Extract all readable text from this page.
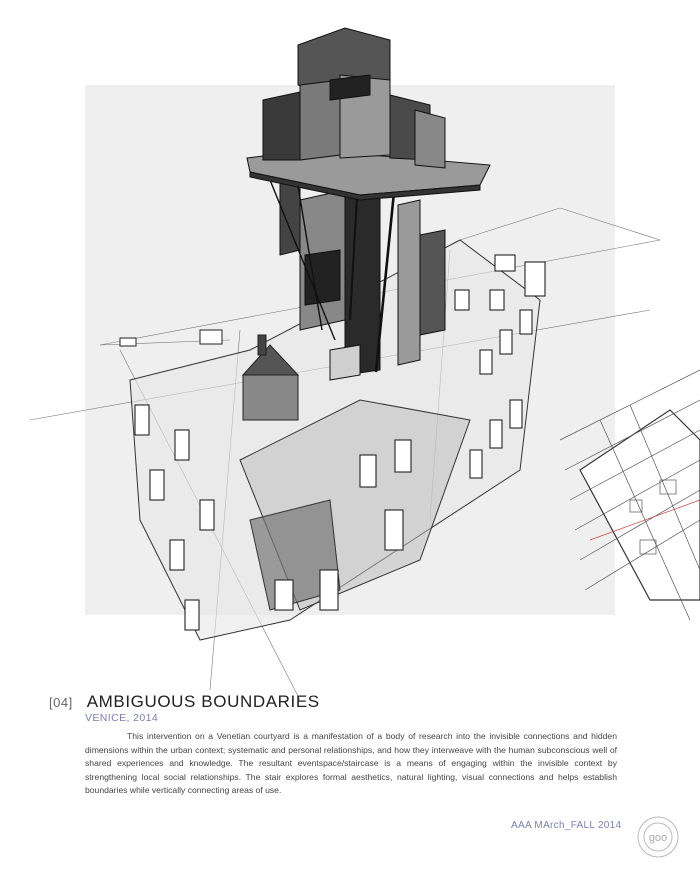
[04] AMBIGUOUS BOUNDARIES
VENICE, 2014
This intervention on a Venetian courtyard is a manifestation of a body of research into the invisible connections and hidden dimensions within the urban context; systematic and personal relationships, and how they interweave with the human subconscious well of shared experiences and knowledge. The resultant eventspace/staircase is a means of engaging within the invisible context by strengthening local social relationships. The stair explores formal aesthetics, natural lighting, visual connections and helps establish boundaries while vertically connecting areas of use.
AAA MArch_FALL 2014
goo
